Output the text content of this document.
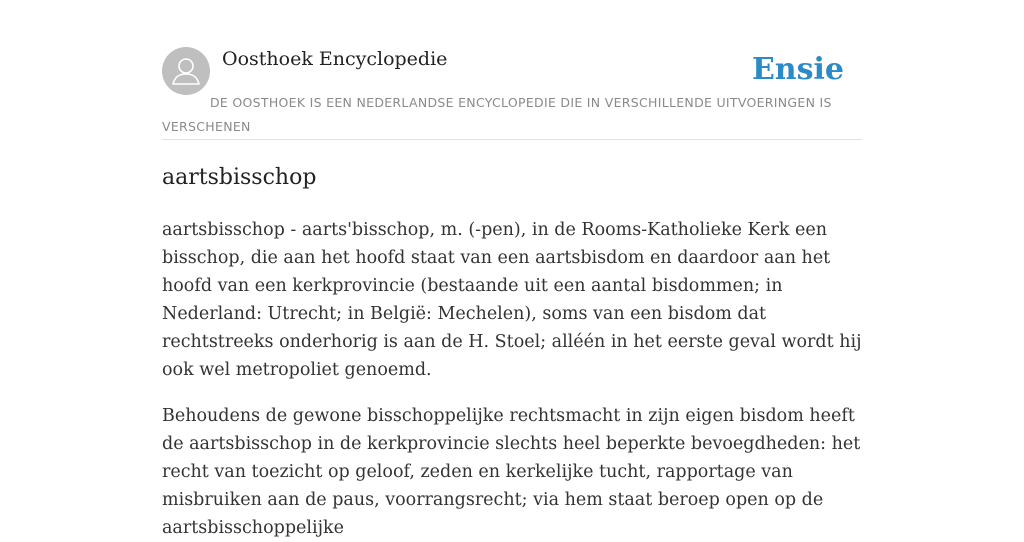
Oosthoek Encyclopedie	Ensie
DE OOSTHOEK IS EEN NEDERLANDSE ENCYCLOPEDIE DIE IN VERSCHILLENDE UITVOERINGEN IS VERSCHENEN
aartsbisschop

aartsbisschop - aarts'bisschop, m. (-pen), in de Rooms-Katholieke Kerk een bisschop, die aan het hoofd staat van een aartsbisdom en daardoor aan het hoofd van een kerkprovincie (bestaande uit een aantal bisdommen; in Nederland: Utrecht; in België: Mechelen), soms van een bisdom dat rechtstreeks onderhorig is aan de H. Stoel; alléén in het eerste geval wordt hij ook wel metropoliet genoemd.

Behoudens de gewone bisschoppelijke rechtsmacht in zijn eigen bisdom heeft de aartsbisschop in de kerkprovincie slechts heel beperkte bevoegdheden: het recht van toezicht op geloof, zeden en kerkelijke tucht, rapportage van misbruiken aan de paus, voorrangsrecht; via hem staat beroep open op de aartsbisschoppelijke
